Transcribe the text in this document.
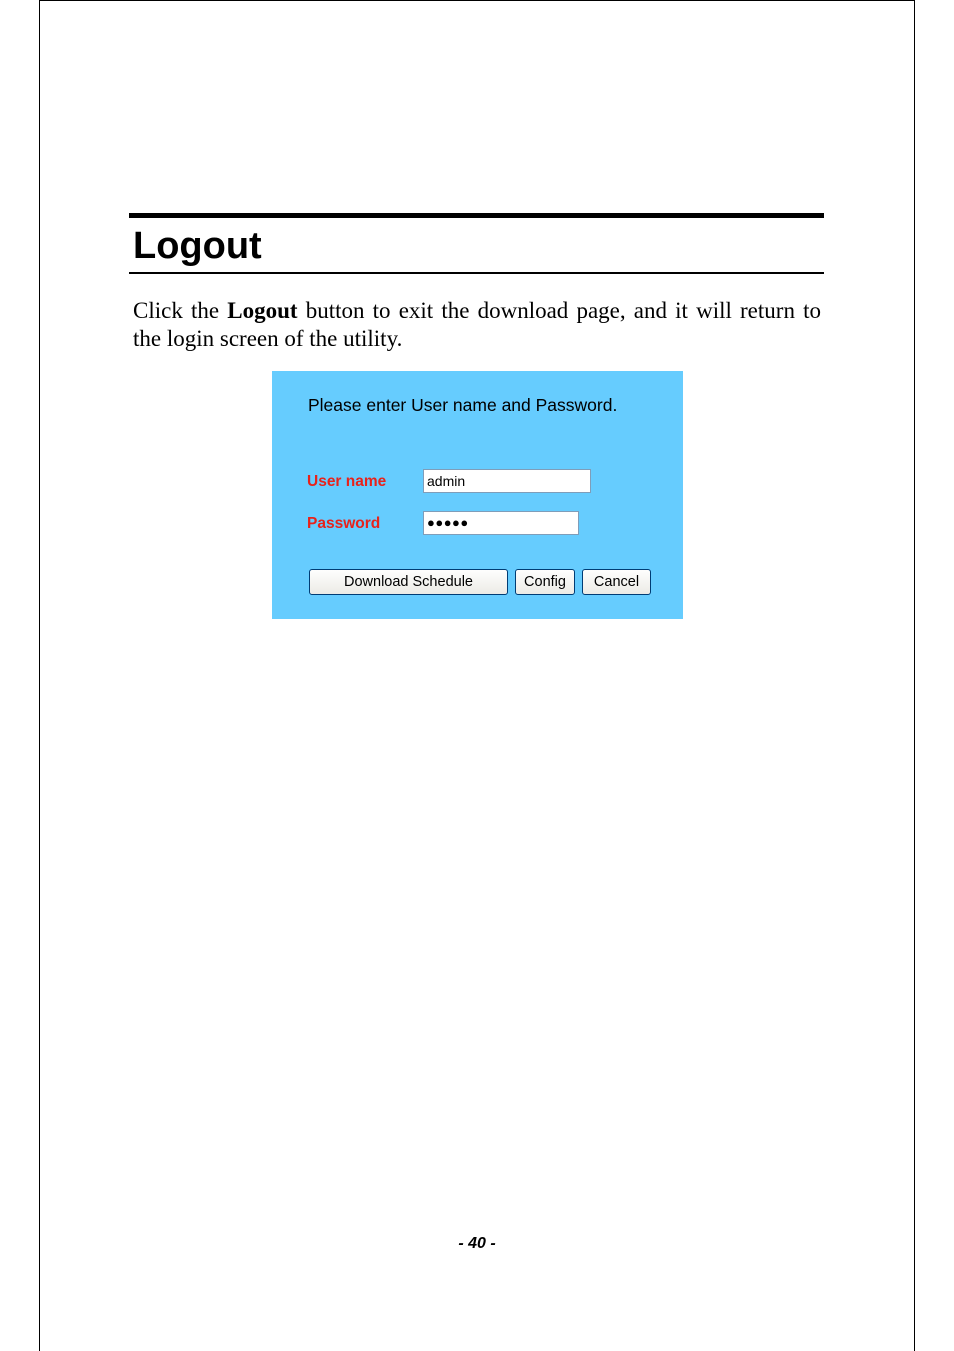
Logout

Click the Logout button to exit the download page, and it will return to the login screen of the utility.

Please enter User name and Password.
User name	admin
Password	●●●●●
Download Schedule	Config	Cancel
- 40 -
